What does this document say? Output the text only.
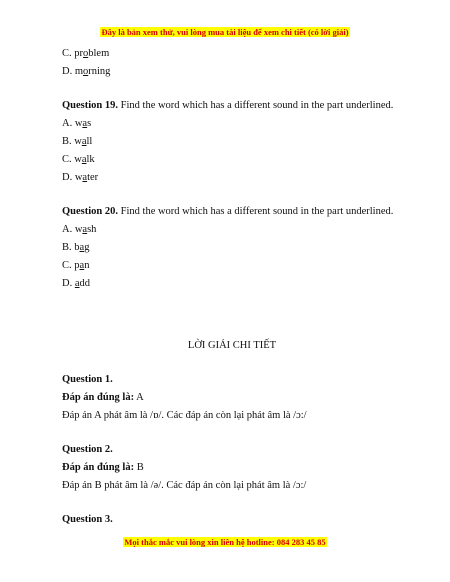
Đây là bản xem thử, vui lòng mua tài liệu để xem chi tiết (có lời giải)
C. problem
D. morning
Question 19. Find the word which has a different sound in the part underlined.
A. was
B. wall
C. walk
D. water
Question 20. Find the word which has a different sound in the part underlined.
A. wash
B. bag
C. pan
D. add
LỜI GIẢI CHI TIẾT
Question 1.
Đáp án đúng là: A
Đáp án A phát âm là /ɒ/. Các đáp án còn lại phát âm là /ɔ:/
Question 2.
Đáp án đúng là: B
Đáp án B phát âm là /ə/. Các đáp án còn lại phát âm là /ɔ:/
Question 3.
Mọi thắc mắc vui lòng xin liên hệ hotline: 084 283 45 85
